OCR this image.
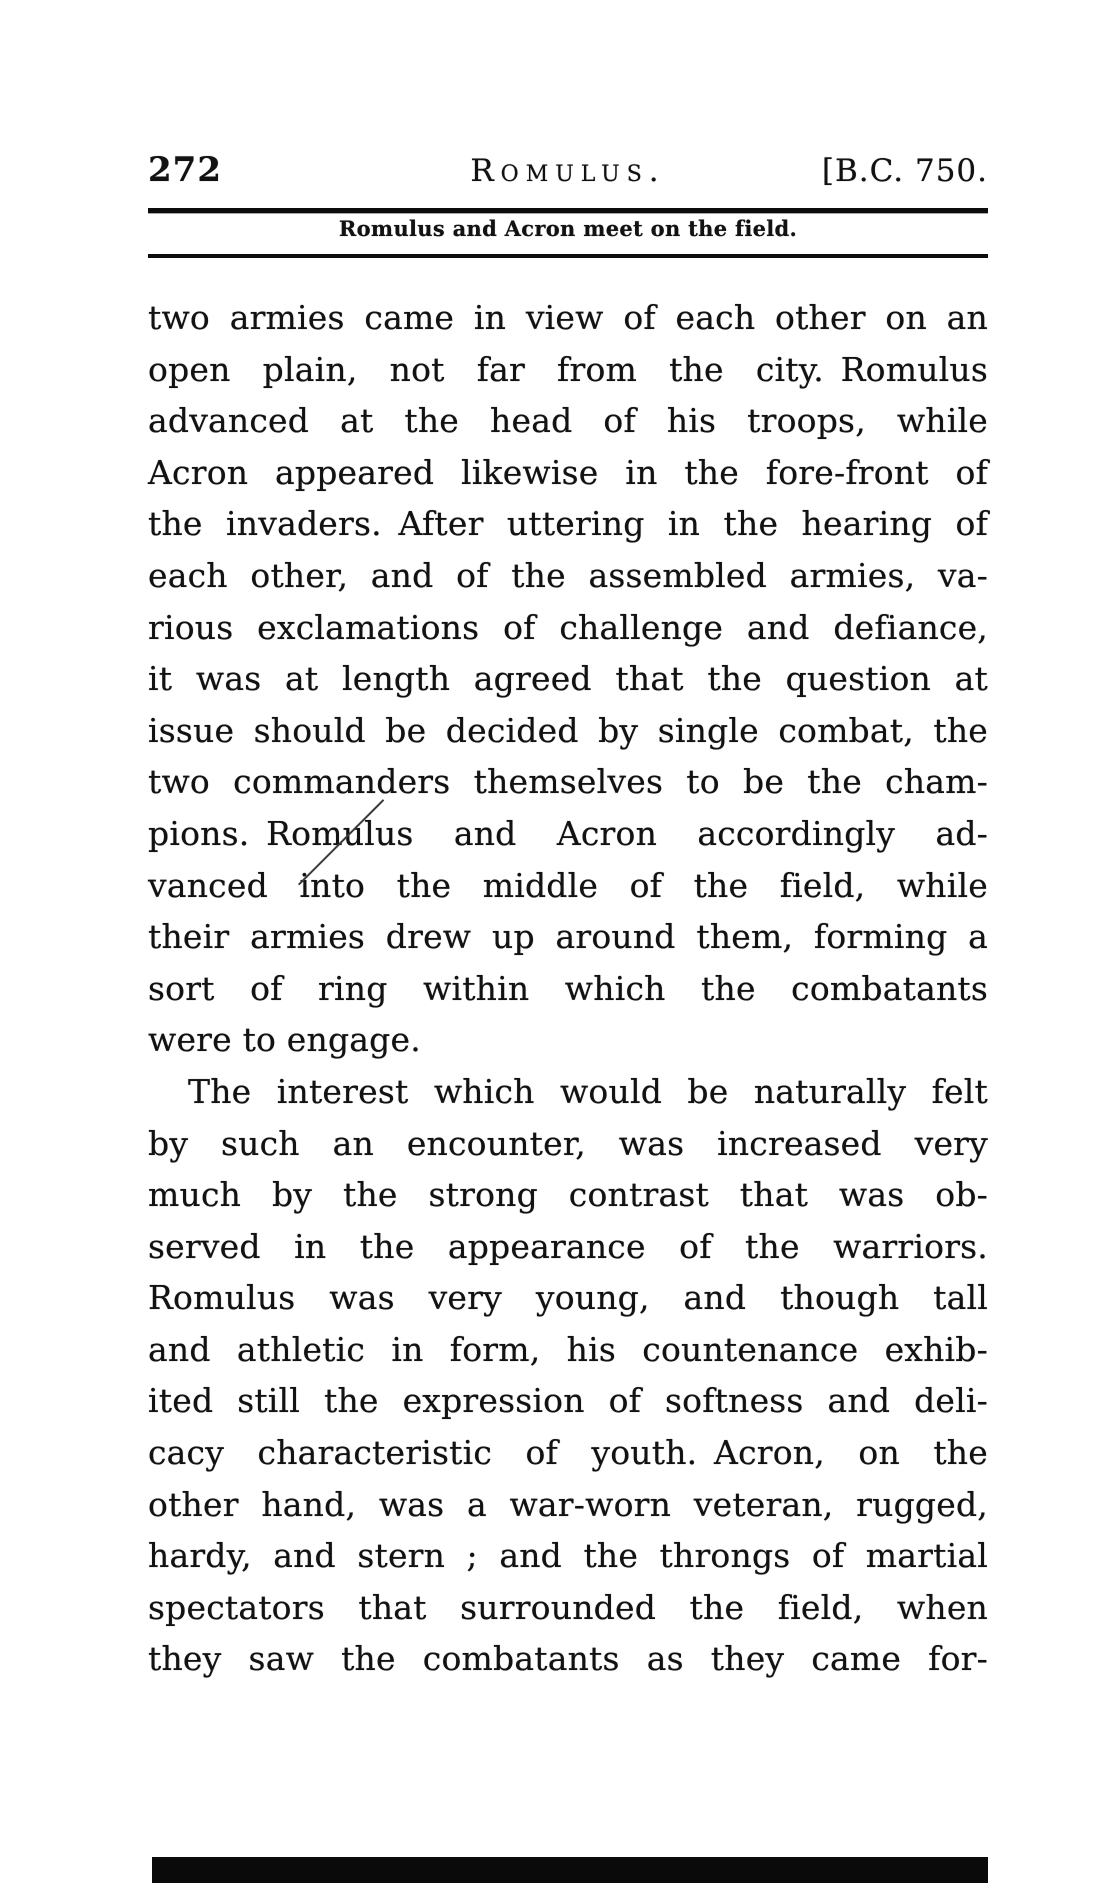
272	Romulus.	[B.C. 750.
Romulus and Acron meet on the field.
two armies came in view of each other on an
open plain, not far from the city. Romulus
advanced at the head of his troops, while
Acron appeared likewise in the fore-front of
the invaders. After uttering in the hearing of
each other, and of the assembled armies, va-
rious exclamations of challenge and defiance,
it was at length agreed that the question at
issue should be decided by single combat, the
two commanders themselves to be the cham-
pions. Romulus and Acron accordingly ad-
vanced into the middle of the field, while
their armies drew up around them, forming a
sort of ring within which the combatants
were to engage.
The interest which would be naturally felt
by such an encounter, was increased very
much by the strong contrast that was ob-
served in the appearance of the warriors.
Romulus was very young, and though tall
and athletic in form, his countenance exhib-
ited still the expression of softness and deli-
cacy characteristic of youth. Acron, on the
other hand, was a war-worn veteran, rugged,
hardy, and stern ; and the throngs of martial
spectators that surrounded the field, when
they saw the combatants as they came for-
